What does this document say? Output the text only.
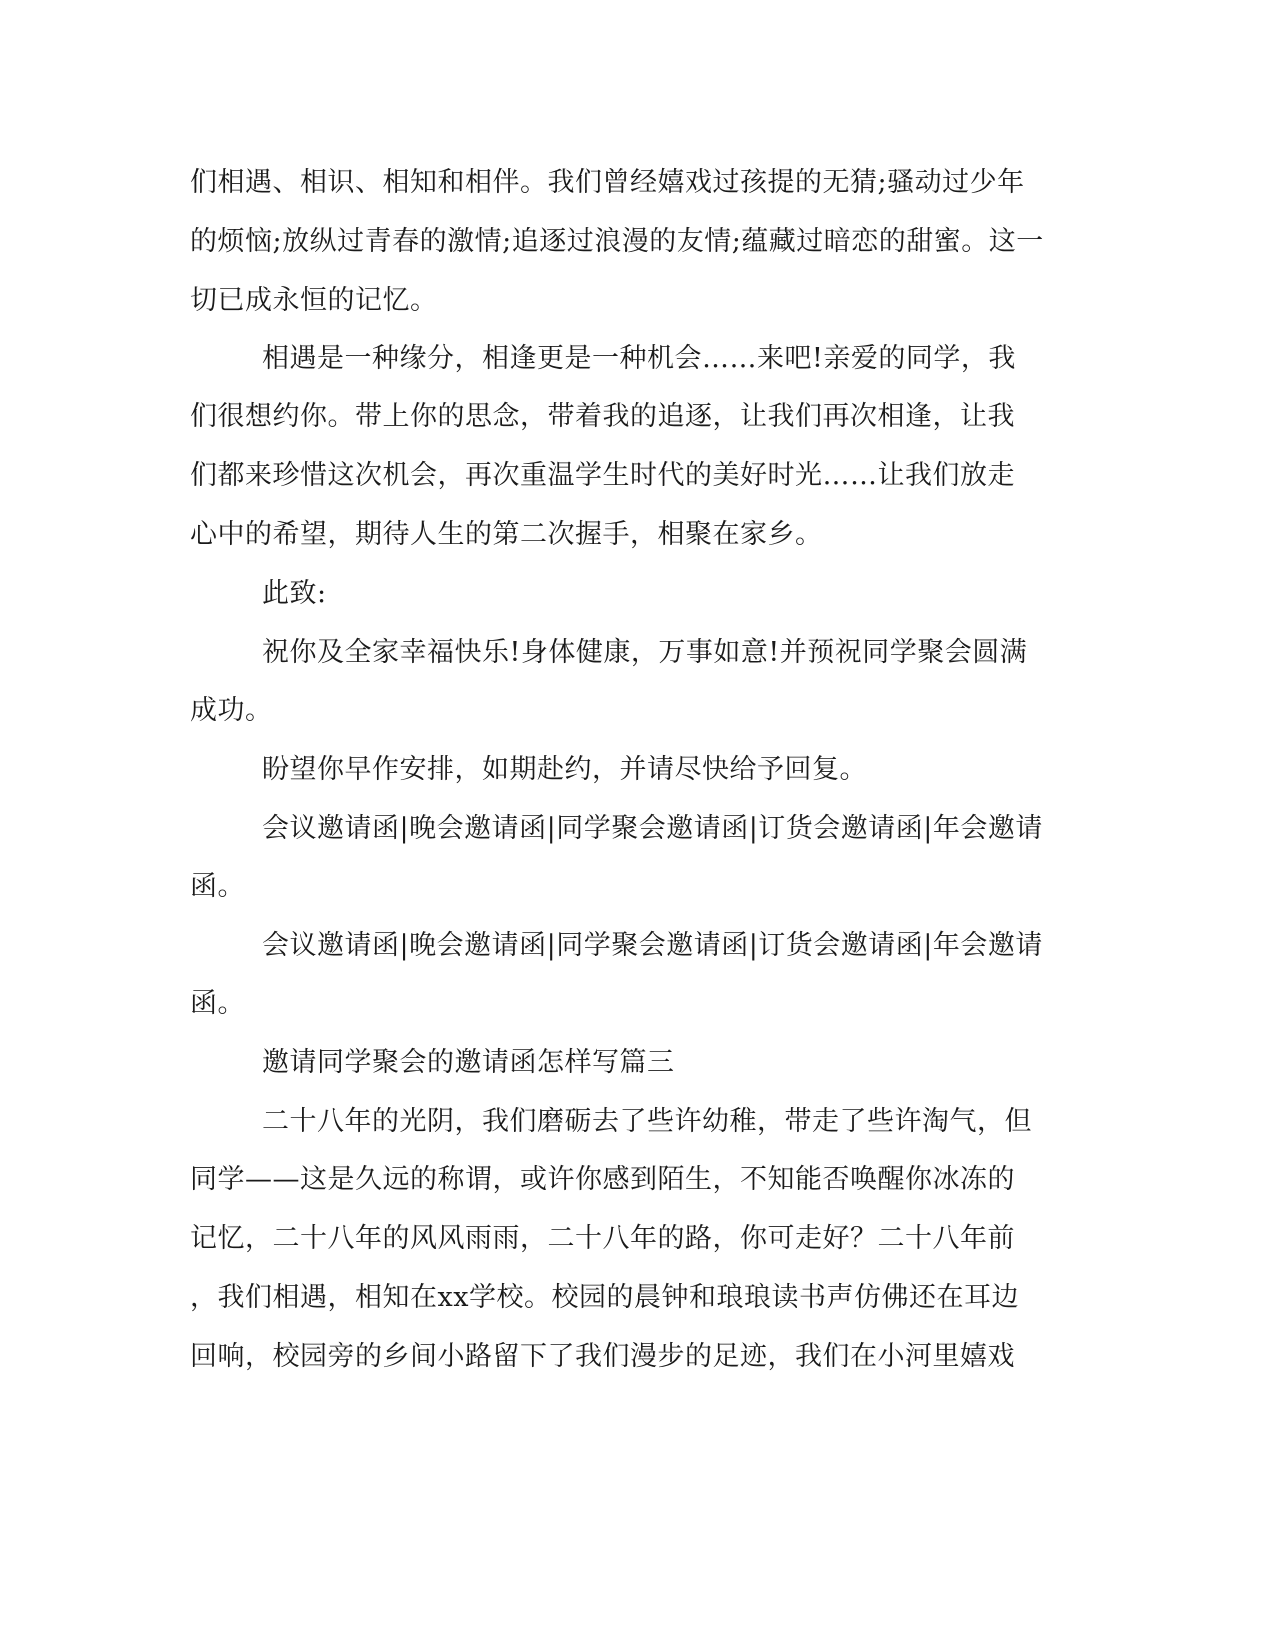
们相遇、相识、相知和相伴。我们曾经嬉戏过孩提的无猜;骚动过少年
的烦恼;放纵过青春的激情;追逐过浪漫的友情;蕴藏过暗恋的甜蜜。这一
切已成永恒的记忆。
相遇是一种缘分，相逢更是一种机会……来吧!亲爱的同学，我
们很想约你。带上你的思念，带着我的追逐，让我们再次相逢，让我
们都来珍惜这次机会，再次重温学生时代的美好时光……让我们放走
心中的希望，期待人生的第二次握手，相聚在家乡。
此致:
祝你及全家幸福快乐!身体健康，万事如意!并预祝同学聚会圆满
成功。
盼望你早作安排，如期赴约，并请尽快给予回复。
会议邀请函|晚会邀请函|同学聚会邀请函|订货会邀请函|年会邀请
函。
会议邀请函|晚会邀请函|同学聚会邀请函|订货会邀请函|年会邀请
函。
邀请同学聚会的邀请函怎样写篇三
二十八年的光阴，我们磨砺去了些许幼稚，带走了些许淘气，但
同学——这是久远的称谓，或许你感到陌生，不知能否唤醒你冰冻的
记忆，二十八年的风风雨雨，二十八年的路，你可走好？二十八年前
，我们相遇，相知在xx学校。校园的晨钟和琅琅读书声仿佛还在耳边
回响，校园旁的乡间小路留下了我们漫步的足迹，我们在小河里嬉戏
